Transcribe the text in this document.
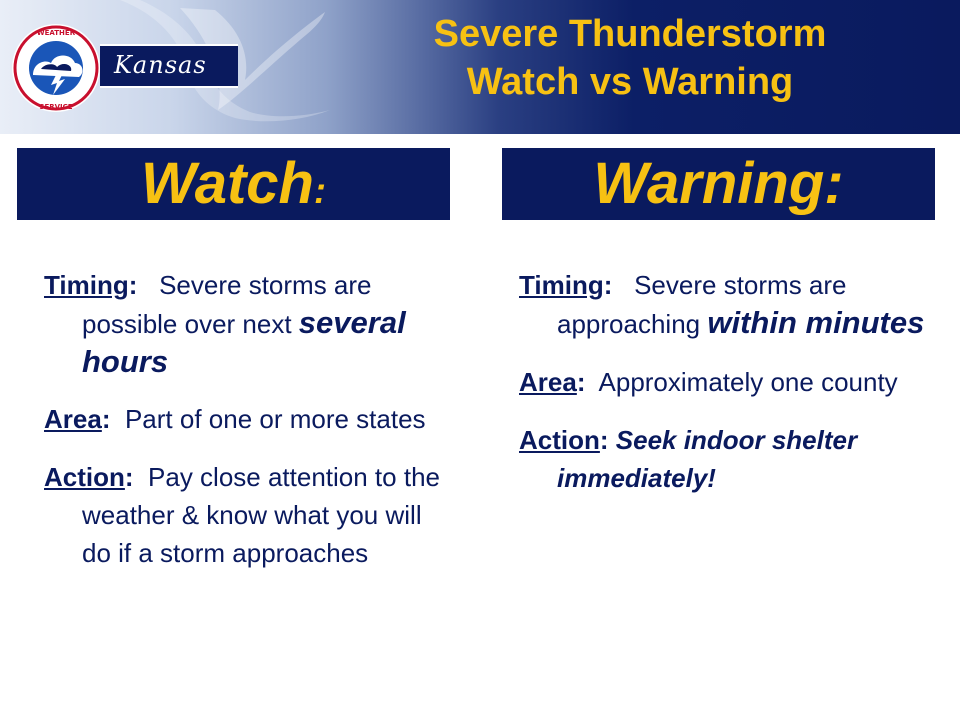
WEATHER
SERVICE
Kansas
Severe Thunderstorm
Watch vs Warning
Watch:	Warning:

Timing: Severe storms are possible over next several hours

Area: Part of one or more states

Action: Pay close attention to the weather & know what you will do if a storm approaches

Timing: Severe storms are approaching within minutes

Area: Approximately one county

Action: Seek indoor shelter immediately!
